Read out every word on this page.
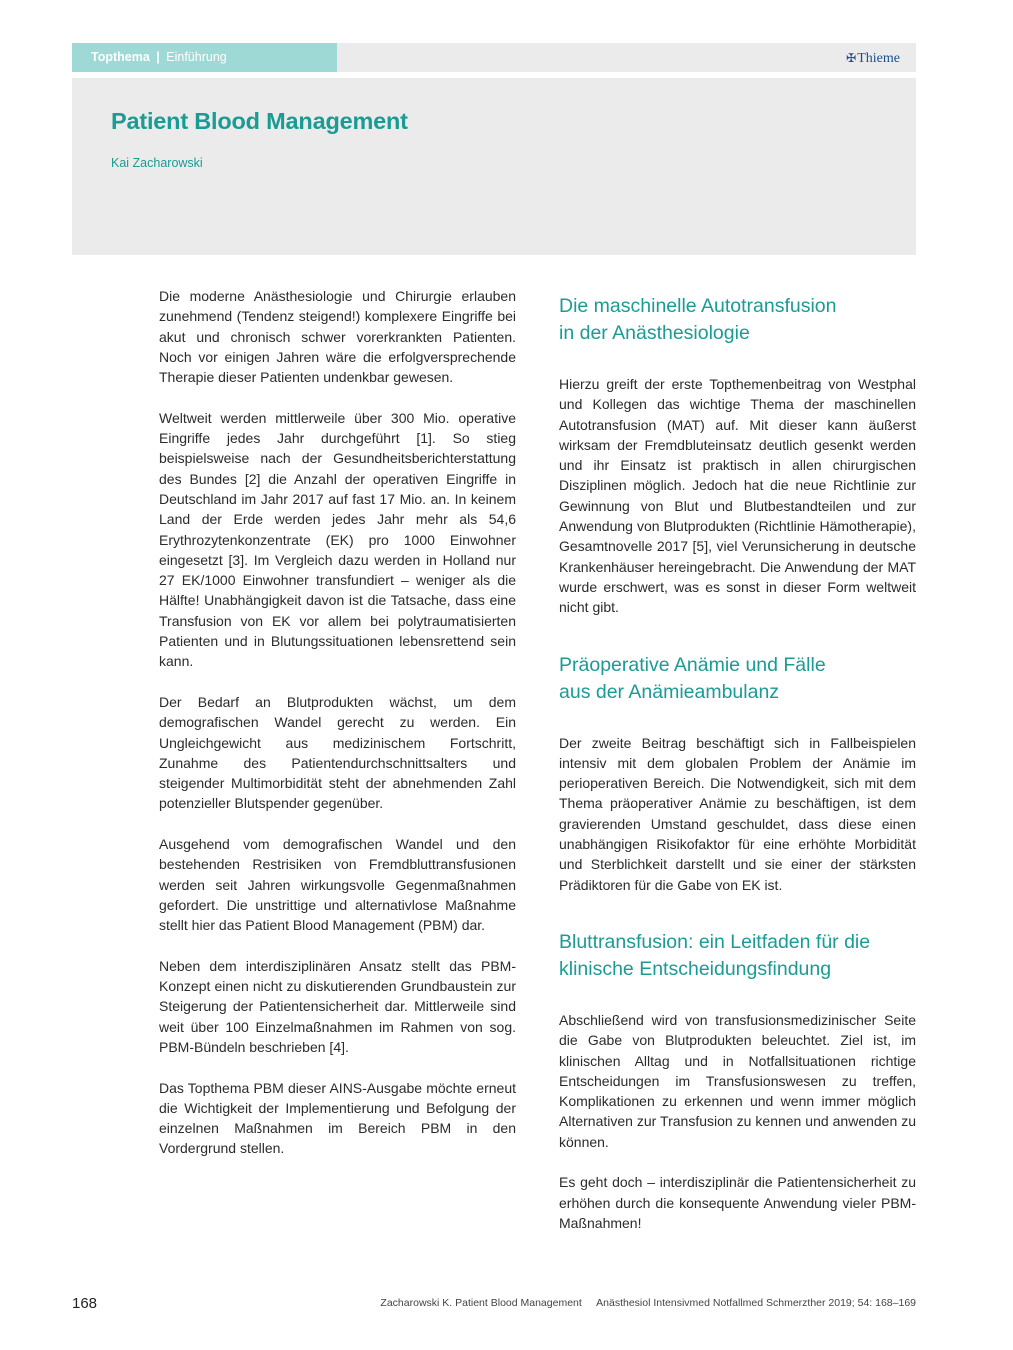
Topthema | Einführung	✠Thieme
Patient Blood Management
Kai Zacharowski

Die moderne Anästhesiologie und Chirurgie erlauben zunehmend (Tendenz steigend!) komplexere Eingriffe bei akut und chronisch schwer vorerkrankten Patienten. Noch vor einigen Jahren wäre die erfolgversprechende Therapie dieser Patienten undenkbar gewesen.

Weltweit werden mittlerweile über 300 Mio. operative Eingriffe jedes Jahr durchgeführt [1]. So stieg beispielsweise nach der Gesundheitsberichterstattung des Bundes [2] die Anzahl der operativen Eingriffe in Deutschland im Jahr 2017 auf fast 17 Mio. an. In keinem Land der Erde werden jedes Jahr mehr als 54,6 Erythrozytenkonzentrate (EK) pro 1000 Einwohner eingesetzt [3]. Im Vergleich dazu werden in Holland nur 27 EK/1000 Einwohner transfundiert – weniger als die Hälfte! Unabhängigkeit davon ist die Tatsache, dass eine Transfusion von EK vor allem bei polytraumatisierten Patienten und in Blutungssituationen lebensrettend sein kann.

Der Bedarf an Blutprodukten wächst, um dem demografischen Wandel gerecht zu werden. Ein Ungleichgewicht aus medizinischem Fortschritt, Zunahme des Patientendurchschnittsalters und steigender Multimorbidität steht der abnehmenden Zahl potenzieller Blutspender gegenüber.

Ausgehend vom demografischen Wandel und den bestehenden Restrisiken von Fremdbluttransfusionen werden seit Jahren wirkungsvolle Gegenmaßnahmen gefordert. Die unstrittige und alternativlose Maßnahme stellt hier das Patient Blood Management (PBM) dar.

Neben dem interdisziplinären Ansatz stellt das PBM-Konzept einen nicht zu diskutierenden Grundbaustein zur Steigerung der Patientensicherheit dar. Mittlerweile sind weit über 100 Einzelmaßnahmen im Rahmen von sog. PBM-Bündeln beschrieben [4].

Das Topthema PBM dieser AINS-Ausgabe möchte erneut die Wichtigkeit der Implementierung und Befolgung der einzelnen Maßnahmen im Bereich PBM in den Vordergrund stellen.

Die maschinelle Autotransfusion
in der Anästhesiologie

Hierzu greift der erste Topthemenbeitrag von Westphal und Kollegen das wichtige Thema der maschinellen Autotransfusion (MAT) auf. Mit dieser kann äußerst wirksam der Fremdbluteinsatz deutlich gesenkt werden und ihr Einsatz ist praktisch in allen chirurgischen Disziplinen möglich. Jedoch hat die neue Richtlinie zur Gewinnung von Blut und Blutbestandteilen und zur Anwendung von Blutprodukten (Richtlinie Hämotherapie), Gesamtnovelle 2017 [5], viel Verunsicherung in deutsche Krankenhäuser hereingebracht. Die Anwendung der MAT wurde erschwert, was es sonst in dieser Form weltweit nicht gibt.

Präoperative Anämie und Fälle
aus der Anämieambulanz

Der zweite Beitrag beschäftigt sich in Fallbeispielen intensiv mit dem globalen Problem der Anämie im perioperativen Bereich. Die Notwendigkeit, sich mit dem Thema präoperativer Anämie zu beschäftigen, ist dem gravierenden Umstand geschuldet, dass diese einen unabhängigen Risikofaktor für eine erhöhte Morbidität und Sterblichkeit darstellt und sie einer der stärksten Prädiktoren für die Gabe von EK ist.

Bluttransfusion: ein Leitfaden für die
klinische Entscheidungsfindung

Abschließend wird von transfusionsmedizinischer Seite die Gabe von Blutprodukten beleuchtet. Ziel ist, im klinischen Alltag und in Notfallsituationen richtige Entscheidungen im Transfusionswesen zu treffen, Komplikationen zu erkennen und wenn immer möglich Alternativen zur Transfusion zu kennen und anwenden zu können.

Es geht doch – interdisziplinär die Patientensicherheit zu erhöhen durch die konsequente Anwendung vieler PBM-Maßnahmen!

168	Zacharowski K. Patient Blood Management Anästhesiol Intensivmed Notfallmed Schmerzther 2019; 54: 168–169
